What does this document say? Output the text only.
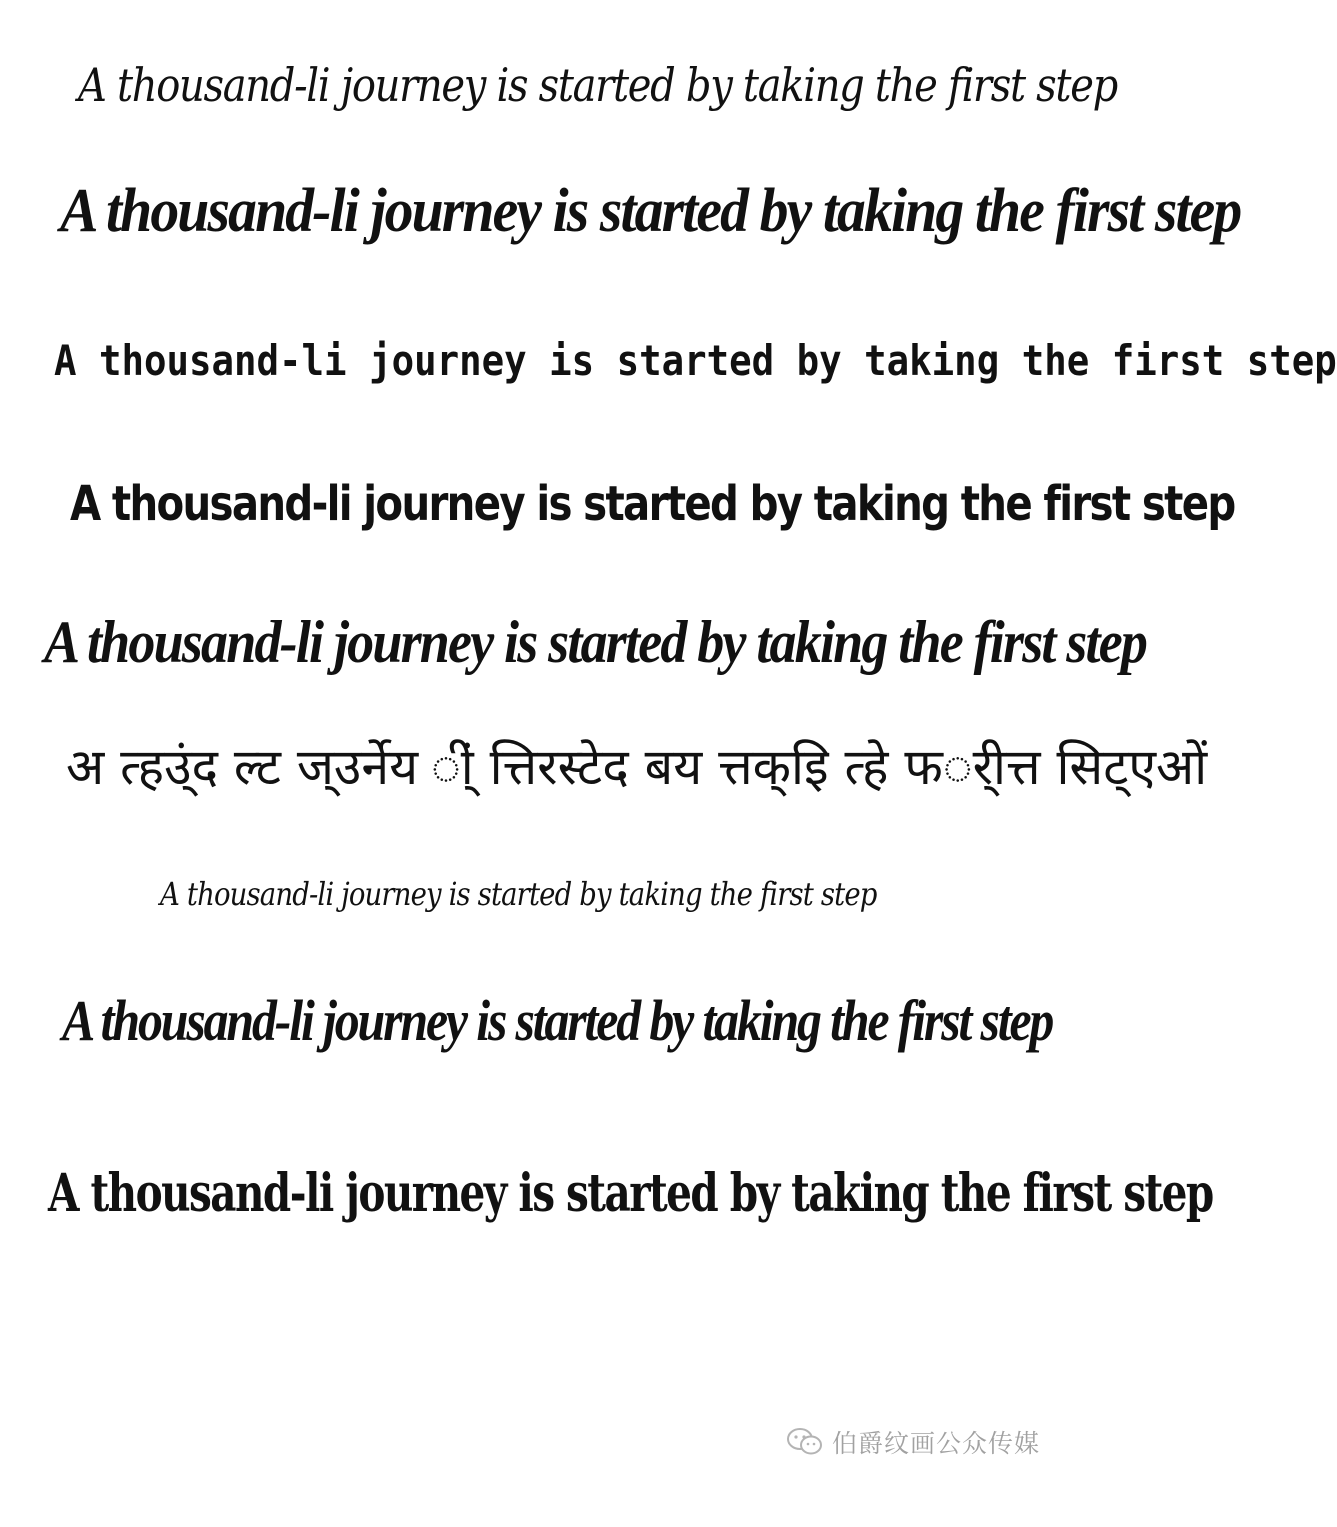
A thousand-li journey is started by taking the first step
A thousand-li journey is started by taking the first step
A thousand-li journey is started by taking the first step
A thousand-li journey is started by taking the first step
A thousand-li journey is started by taking the first step
अ त्हउ्ंद ल्ट ज्उर्नेय ी्ं त्तिरस्टेद बय त्तक्इि त्हे फर्ीत्त सिट्एओं
A thousand-li journey is started by taking the first step
A thousand-li journey is started by taking the first step
A thousand-li journey is started by taking the first step
伯爵纹画公众传媒
